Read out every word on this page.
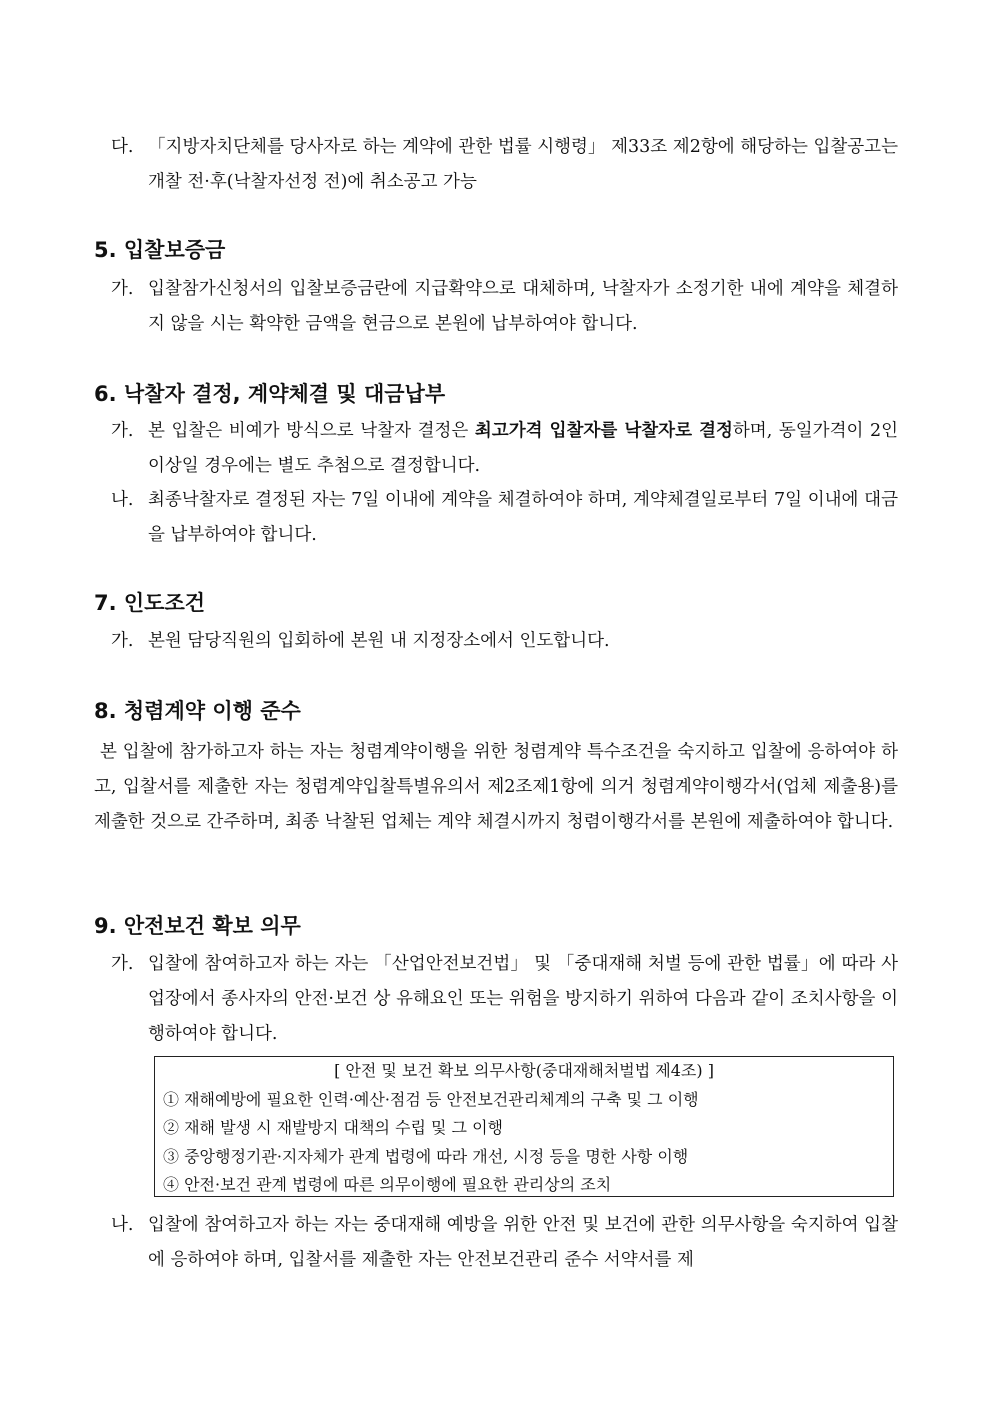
다. 「지방자치단체를 당사자로 하는 계약에 관한 법률 시행령」 제33조 제2항에 해당하는 입찰공고는 개찰 전·후(낙찰자선정 전)에 취소공고 가능
5. 입찰보증금
가. 입찰참가신청서의 입찰보증금란에 지급확약으로 대체하며, 낙찰자가 소정기한 내에 계약을 체결하지 않을 시는 확약한 금액을 현금으로 본원에 납부하여야 합니다.
6. 낙찰자 결정, 계약체결 및 대금납부
가. 본 입찰은 비예가 방식으로 낙찰자 결정은 최고가격 입찰자를 낙찰자로 결정하며, 동일가격이 2인 이상일 경우에는 별도 추첨으로 결정합니다.
나. 최종낙찰자로 결정된 자는 7일 이내에 계약을 체결하여야 하며, 계약체결일로부터 7일 이내에 대금을 납부하여야 합니다.
7. 인도조건
가. 본원 담당직원의 입회하에 본원 내 지정장소에서 인도합니다.
8. 청렴계약 이행 준수
본 입찰에 참가하고자 하는 자는 청렴계약이행을 위한 청렴계약 특수조건을 숙지하고 입찰에 응하여야 하고, 입찰서를 제출한 자는 청렴계약입찰특별유의서 제2조제1항에 의거 청렴계약이행각서(업체 제출용)를 제출한 것으로 간주하며, 최종 낙찰된 업체는 계약 체결시까지 청렴이행각서를 본원에 제출하여야 합니다.
9. 안전보건 확보 의무
가. 입찰에 참여하고자 하는 자는 「산업안전보건법」 및 「중대재해 처벌 등에 관한 법률」에 따라 사업장에서 종사자의 안전·보건 상 유해요인 또는 위험을 방지하기 위하여 다음과 같이 조치사항을 이행하여야 합니다.
[ 안전 및 보건 확보 의무사항(중대재해처벌법 제4조) ]
① 재해예방에 필요한 인력·예산·점검 등 안전보건관리체계의 구축 및 그 이행
② 재해 발생 시 재발방지 대책의 수립 및 그 이행
③ 중앙행정기관·지자체가 관계 법령에 따라 개선, 시정 등을 명한 사항 이행
④ 안전·보건 관계 법령에 따른 의무이행에 필요한 관리상의 조치
나. 입찰에 참여하고자 하는 자는 중대재해 예방을 위한 안전 및 보건에 관한 의무사항을 숙지하여 입찰에 응하여야 하며, 입찰서를 제출한 자는 안전보건관리 준수 서약서를 제
